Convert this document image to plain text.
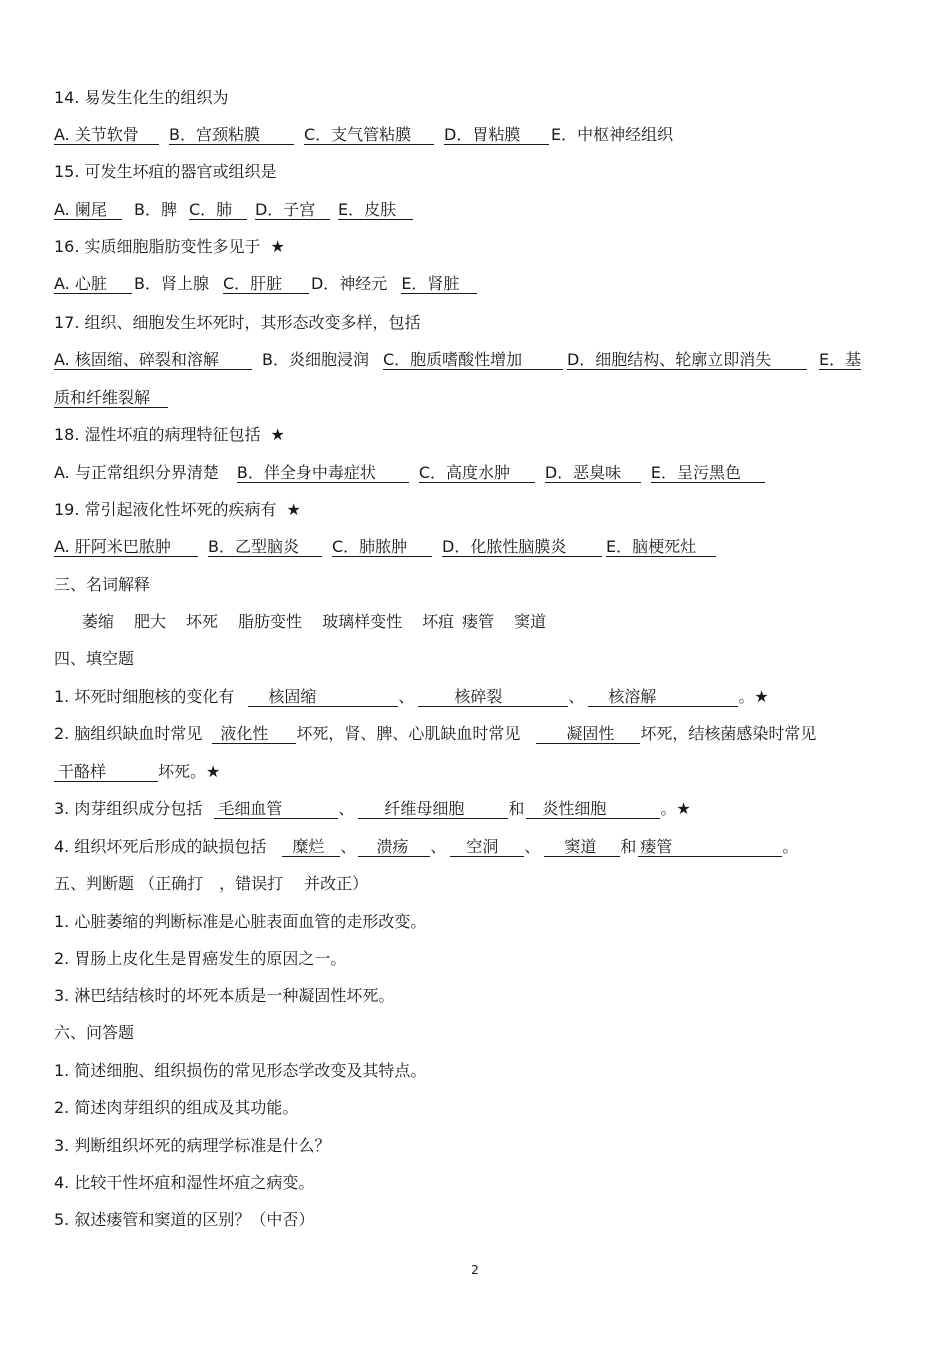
14. 易发生化生的组织为
A. 关节软骨 B．宫颈粘膜	C．支气管粘膜 D．胃粘膜 E．中枢神经组织
15. 可发生坏疽的器官或组织是
A. 阑尾 B．脾 C．肺 D．子宫 E．皮肤
16. 实质细胞脂肪变性多见于 ★
A. 心脏 B．肾上腺 C．肝脏 D．神经元 E．肾脏
17. 组织、细胞发生坏死时，其形态改变多样，包括
A. 核固缩、碎裂和溶解	B．炎细胞浸润 C．胞质嗜酸性增加	D．细胞结构、轮廓立即消失	E．基
质和纤维裂解
18. 湿性坏疽的病理特征包括 ★
A. 与正常组织分界清楚 B．伴全身中毒症状	C．高度水肿 D．恶臭味 E．呈污黑色
19. 常引起液化性坏死的疾病有 ★
A. 肝阿米巴脓肿 B．乙型脑炎 C．肺脓肿 D．化脓性脑膜炎 E．脑梗死灶
三、名词解释
萎缩 肥大 坏死 脂肪变性 玻璃样变性 坏疽 瘘管 窦道
四、填空题
1. 坏死时细胞核的变化有 核固缩	、	核碎裂	、 核溶解	。★
2. 脑组织缺血时常见 液化性 坏死，肾、脾、心肌缺血时常见	凝固性 坏死，结核菌感染时常见
干酪样	坏死。★
3. 肉芽组织成分包括 毛细血管	、 纤维母细胞	和 炎性细胞	。★
4. 组织坏死后形成的缺损包括 糜烂 、 溃疡 、 空洞 、 窦道 和 瘘管	。
五、判断题 （正确打　，错误打　 并改正）
1. 心脏萎缩的判断标准是心脏表面血管的走形改变。
2. 胃肠上皮化生是胃癌发生的原因之一。
3. 淋巴结结核时的坏死本质是一种凝固性坏死。
六、问答题
1. 简述细胞、组织损伤的常见形态学改变及其特点。
2. 简述肉芽组织的组成及其功能。
3. 判断组织坏死的病理学标准是什么？
4. 比较干性坏疽和湿性坏疽之病变。
5. 叙述瘘管和窦道的区别？（中否）
2
